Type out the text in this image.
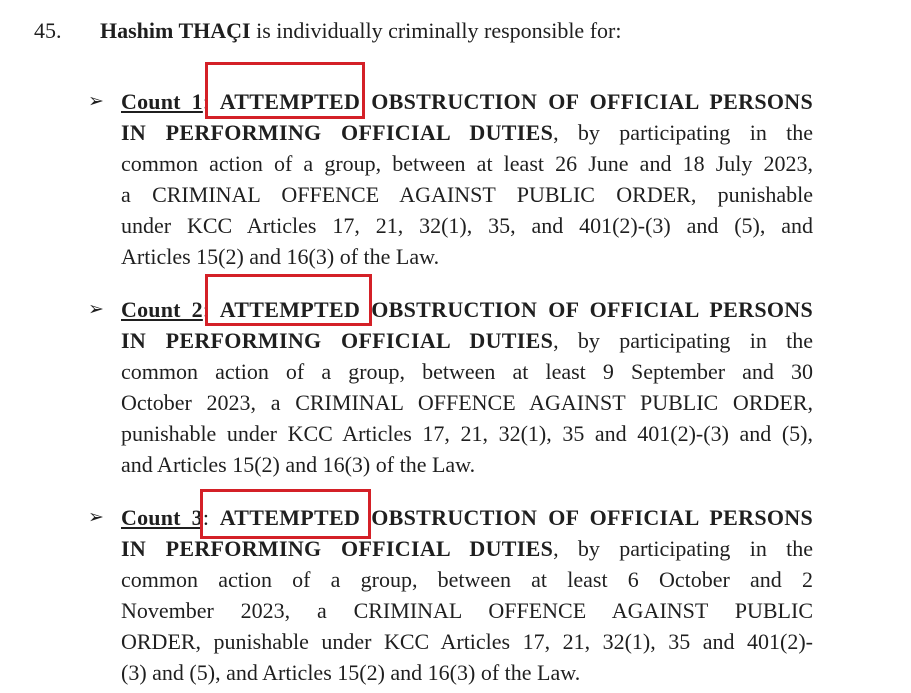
45. Hashim THAÇI is individually criminally responsible for:
➢ Count 1: ATTEMPTED OBSTRUCTION OF OFFICIAL PERSONS
IN PERFORMING OFFICIAL DUTIES, by participating in the
common action of a group, between at least 26 June and 18 July 2023,
a CRIMINAL OFFENCE AGAINST PUBLIC ORDER, punishable
under KCC Articles 17, 21, 32(1), 35, and 401(2)-(3) and (5), and
Articles 15(2) and 16(3) of the Law.
➢ Count 2: ATTEMPTED OBSTRUCTION OF OFFICIAL PERSONS
IN PERFORMING OFFICIAL DUTIES, by participating in the
common action of a group, between at least 9 September and 30
October 2023, a CRIMINAL OFFENCE AGAINST PUBLIC ORDER,
punishable under KCC Articles 17, 21, 32(1), 35 and 401(2)-(3) and (5),
and Articles 15(2) and 16(3) of the Law.
➢ Count 3: ATTEMPTED OBSTRUCTION OF OFFICIAL PERSONS
IN PERFORMING OFFICIAL DUTIES, by participating in the
common action of a group, between at least 6 October and 2
November 2023, a CRIMINAL OFFENCE AGAINST PUBLIC
ORDER, punishable under KCC Articles 17, 21, 32(1), 35 and 401(2)-
(3) and (5), and Articles 15(2) and 16(3) of the Law.
